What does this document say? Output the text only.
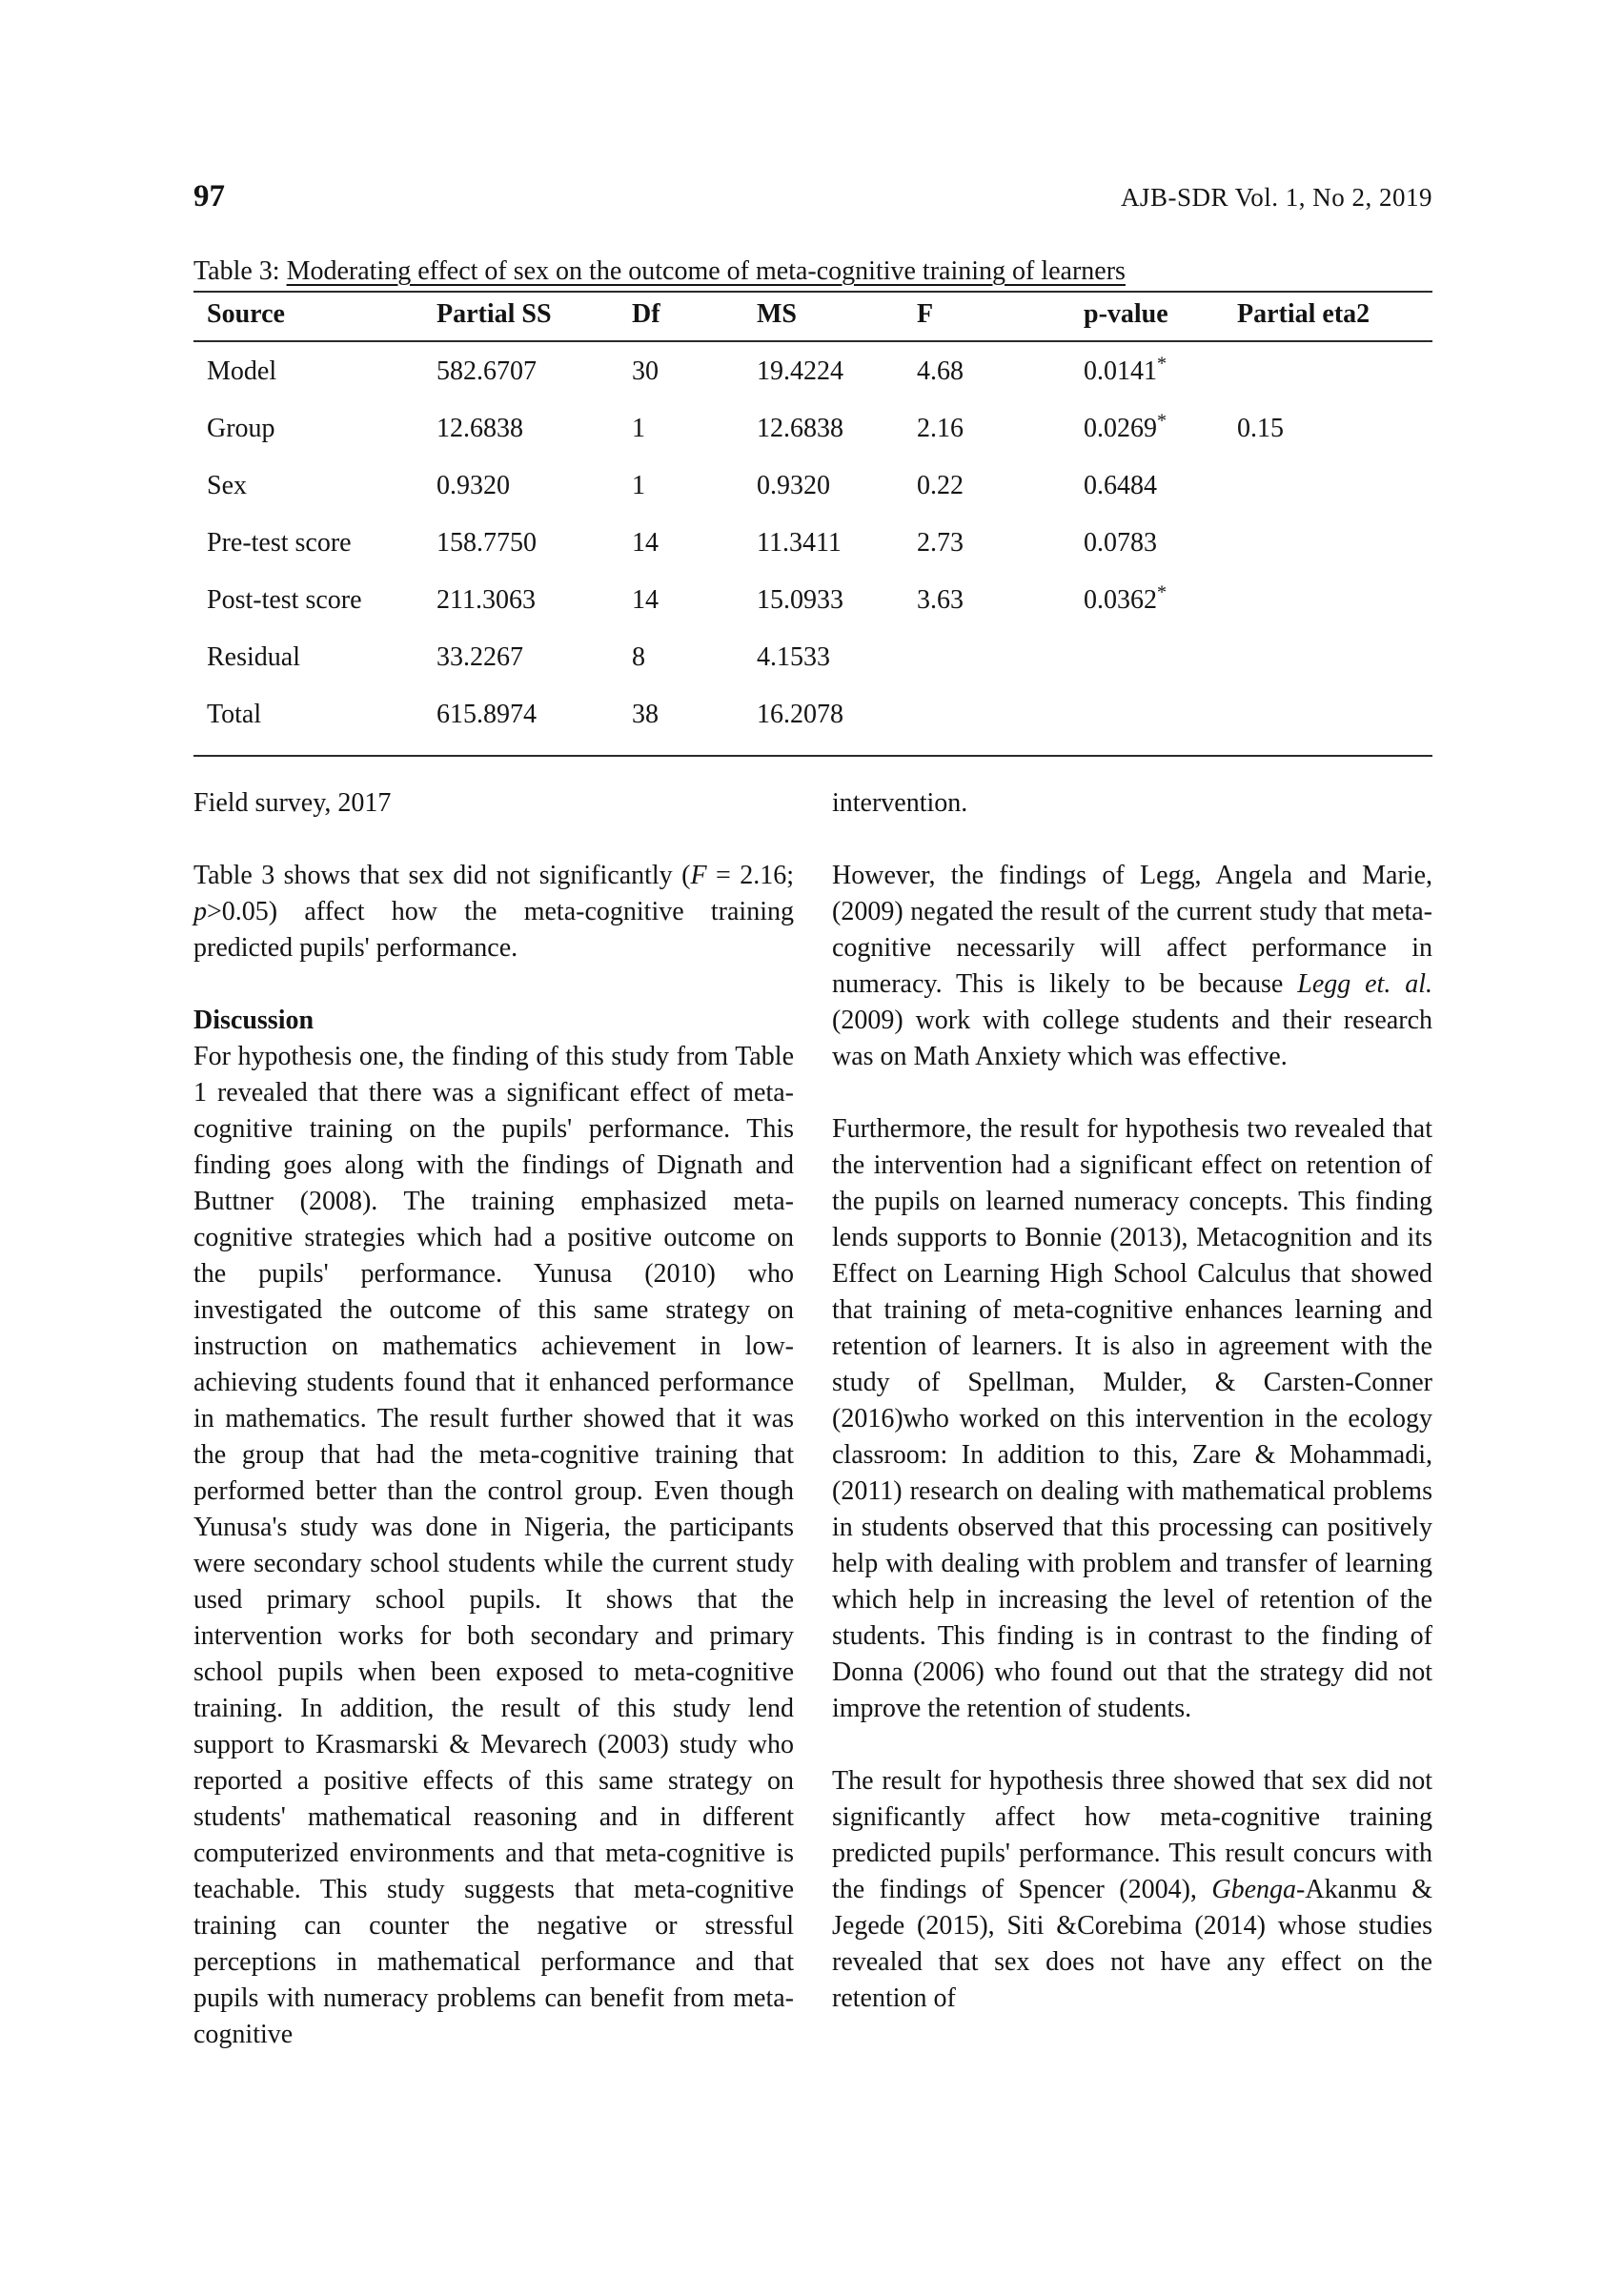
97	AJB-SDR Vol. 1, No 2, 2019
Table 3: Moderating effect of sex on the outcome of meta-cognitive training of learners
Source	Partial SS	Df	MS	F	p-value	Partial eta2
Model	582.6707	30	19.4224	4.68	0.0141*	
Group	12.6838	1	12.6838	2.16	0.0269*	0.15
Sex	0.9320	1	0.9320	0.22	0.6484	
Pre-test score	158.7750	14	11.3411	2.73	0.0783	
Post-test score	211.3063	14	15.0933	3.63	0.0362*	
Residual	33.2267	8	4.1533			
Total	615.8974	38	16.2078			

Field survey, 2017

Table 3 shows that sex did not significantly (F = 2.16; p>0.05) affect how the meta-cognitive training predicted pupils' performance.

Discussion

For hypothesis one, the finding of this study from Table 1 revealed that there was a significant effect of meta-cognitive training on the pupils' performance. This finding goes along with the findings of Dignath and Buttner (2008). The training emphasized meta-cognitive strategies which had a positive outcome on the pupils' performance. Yunusa (2010) who investigated the outcome of this same strategy on instruction on mathematics achievement in low-achieving students found that it enhanced performance in mathematics. The result further showed that it was the group that had the meta-cognitive training that performed better than the control group. Even though Yunusa's study was done in Nigeria, the participants were secondary school students while the current study used primary school pupils. It shows that the intervention works for both secondary and primary school pupils when been exposed to meta-cognitive training. In addition, the result of this study lend support to Krasmarski & Mevarech (2003) study who reported a positive effects of this same strategy on students' mathematical reasoning and in different computerized environments and that meta-cognitive is teachable. This study suggests that meta-cognitive training can counter the negative or stressful perceptions in mathematical performance and that pupils with numeracy problems can benefit from meta-cognitive

intervention.

However, the findings of Legg, Angela and Marie, (2009) negated the result of the current study that meta-cognitive necessarily will affect performance in numeracy. This is likely to be because Legg et. al. (2009) work with college students and their research was on Math Anxiety which was effective.

Furthermore, the result for hypothesis two revealed that the intervention had a significant effect on retention of the pupils on learned numeracy concepts. This finding lends supports to Bonnie (2013), Metacognition and its Effect on Learning High School Calculus that showed that training of meta-cognitive enhances learning and retention of learners. It is also in agreement with the study of Spellman, Mulder, & Carsten-Conner (2016)who worked on this intervention in the ecology classroom: In addition to this, Zare & Mohammadi, (2011) research on dealing with mathematical problems in students observed that this processing can positively help with dealing with problem and transfer of learning which help in increasing the level of retention of the students. This finding is in contrast to the finding of Donna (2006) who found out that the strategy did not improve the retention of students.

The result for hypothesis three showed that sex did not significantly affect how meta-cognitive training predicted pupils' performance. This result concurs with the findings of Spencer (2004), Gbenga-Akanmu & Jegede (2015), Siti &Corebima (2014) whose studies revealed that sex does not have any effect on the retention of
